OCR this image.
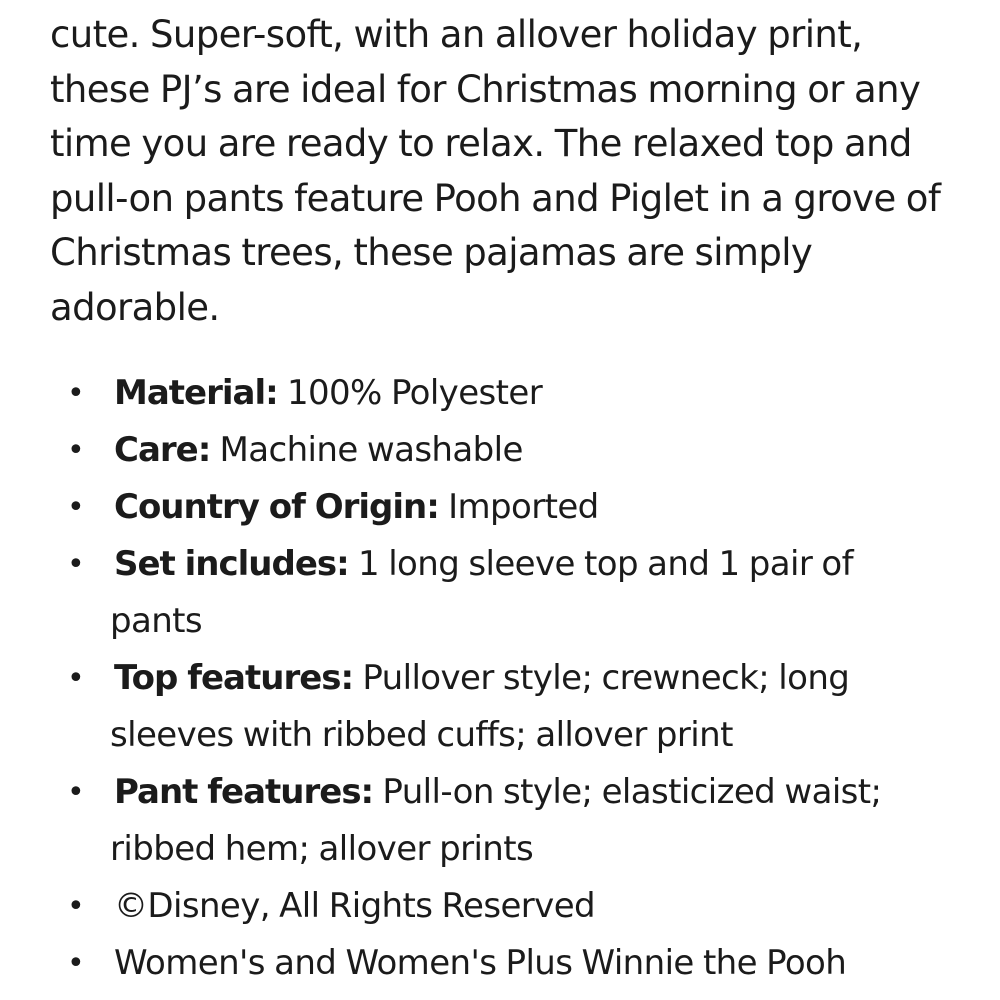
cute. Super-soft, with an allover holiday print,
these PJ’s are ideal for Christmas morning or any
time you are ready to relax. The relaxed top and
pull-on pants feature Pooh and Piglet in a grove of
Christmas trees, these pajamas are simply
adorable.

• Material: 100% Polyester
• Care: Machine washable
• Country of Origin: Imported
• Set includes: 1 long sleeve top and 1 pair of
pants
• Top features: Pullover style; crewneck; long
sleeves with ribbed cuffs; allover print
• Pant features: Pull-on style; elasticized waist;
ribbed hem; allover prints
• ©Disney, All Rights Reserved
• Women's and Women's Plus Winnie the Pooh
